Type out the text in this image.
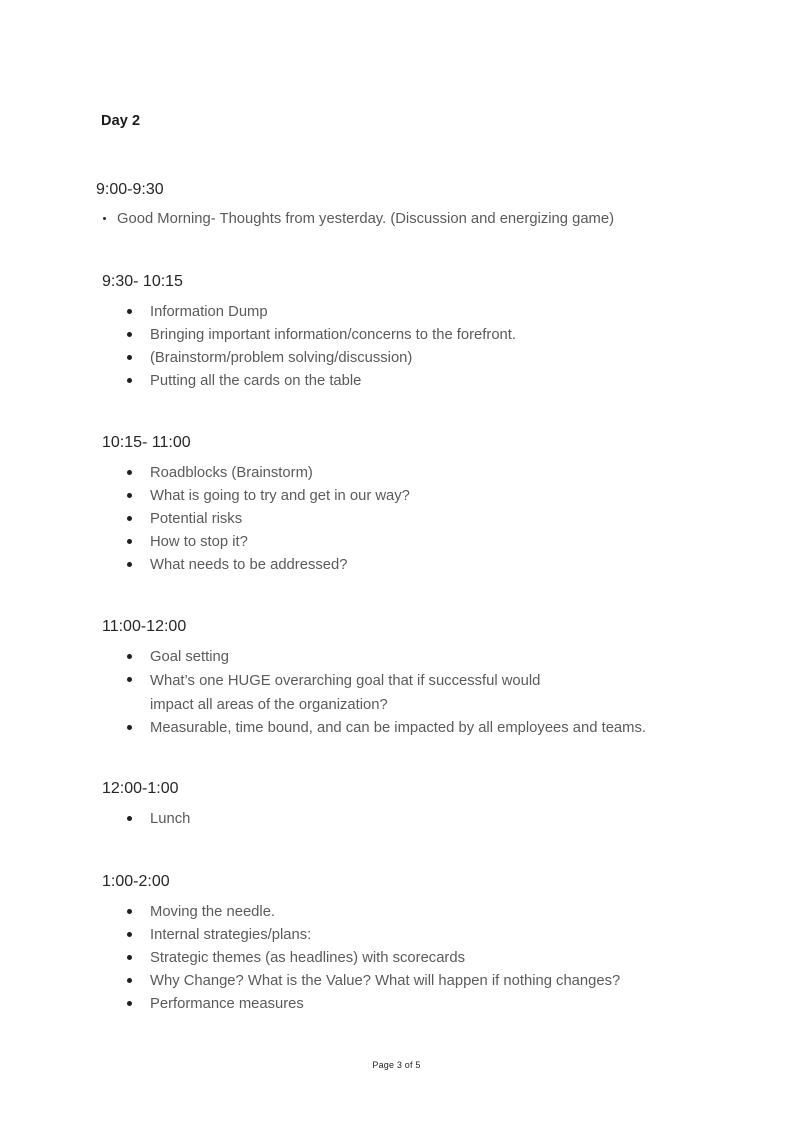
Day 2
9:00-9:30
Good Morning- Thoughts from yesterday. (Discussion and energizing game)
9:30- 10:15
Information Dump
Bringing important information/concerns to the forefront.
(Brainstorm/problem solving/discussion)
Putting all the cards on the table
10:15- 11:00
Roadblocks (Brainstorm)
What is going to try and get in our way?
Potential risks
How to stop it?
What needs to be addressed?
11:00-12:00
Goal setting
What’s one HUGE overarching goal that if successful would
impact all areas of the organization?
Measurable, time bound, and can be impacted by all employees and teams.
12:00-1:00
Lunch
1:00-2:00
Moving the needle.
Internal strategies/plans:
Strategic themes (as headlines) with scorecards
Why Change? What is the Value? What will happen if nothing changes?
Performance measures
Page 3 of 5
